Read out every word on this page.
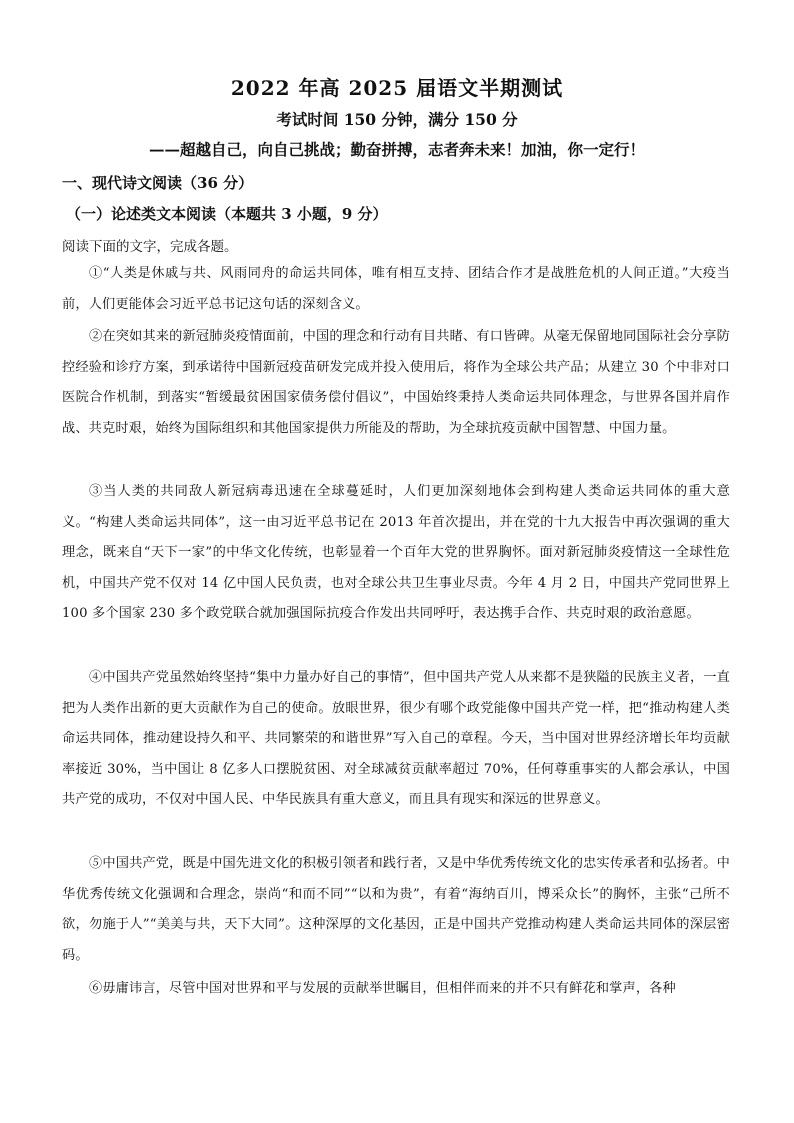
2022 年高 2025 届语文半期测试
考试时间 150 分钟，满分 150 分
——超越自己，向自己挑战；勤奋拼搏，志者奔未来！加油，你一定行！
一、现代诗文阅读（36 分）
（一）论述类文本阅读（本题共 3 小题，9 分）
阅读下面的文字，完成各题。
①“人类是休戚与共、风雨同舟的命运共同体，唯有相互支持、团结合作才是战胜危机的人间正道。”大疫当前，人们更能体会习近平总书记这句话的深刻含义。
②在突如其来的新冠肺炎疫情面前，中国的理念和行动有目共睹、有口皆碑。从毫无保留地同国际社会分享防控经验和诊疗方案，到承诺待中国新冠疫苗研发完成并投入使用后，将作为全球公共产品；从建立 30 个中非对口医院合作机制，到落实“暂缓最贫困国家债务偿付倡议”，中国始终秉持人类命运共同体理念，与世界各国并肩作战、共克时艰，始终为国际组织和其他国家提供力所能及的帮助，为全球抗疫贡献中国智慧、中国力量。
③当人类的共同敌人新冠病毒迅速在全球蔓延时，人们更加深刻地体会到构建人类命运共同体的重大意义。“构建人类命运共同体”，这一由习近平总书记在 2013 年首次提出，并在党的十九大报告中再次强调的重大理念，既来自“天下一家”的中华文化传统，也彰显着一个百年大党的世界胸怀。面对新冠肺炎疫情这一全球性危机，中国共产党不仅对 14 亿中国人民负责，也对全球公共卫生事业尽责。今年 4 月 2 日，中国共产党同世界上 100 多个国家 230 多个政党联合就加强国际抗疫合作发出共同呼吁，表达携手合作、共克时艰的政治意愿。
④中国共产党虽然始终坚持“集中力量办好自己的事情”，但中国共产党人从来都不是狭隘的民族主义者，一直把为人类作出新的更大贡献作为自己的使命。放眼世界，很少有哪个政党能像中国共产党一样，把“推动构建人类命运共同体，推动建设持久和平、共同繁荣的和谐世界”写入自己的章程。今天，当中国对世界经济增长年均贡献率接近 30%，当中国让 8 亿多人口摆脱贫困、对全球减贫贡献率超过 70%，任何尊重事实的人都会承认，中国共产党的成功，不仅对中国人民、中华民族具有重大意义，而且具有现实和深远的世界意义。
⑤中国共产党，既是中国先进文化的积极引领者和践行者，又是中华优秀传统文化的忠实传承者和弘扬者。中华优秀传统文化强调和合理念，崇尚“和而不同”“以和为贵”，有着“海纳百川，博采众长”的胸怀，主张“己所不欲，勿施于人”“美美与共，天下大同”。这种深厚的文化基因，正是中国共产党推动构建人类命运共同体的深层密码。
⑥毋庸讳言，尽管中国对世界和平与发展的贡献举世瞩目，但相伴而来的并不只有鲜花和掌声，各种
